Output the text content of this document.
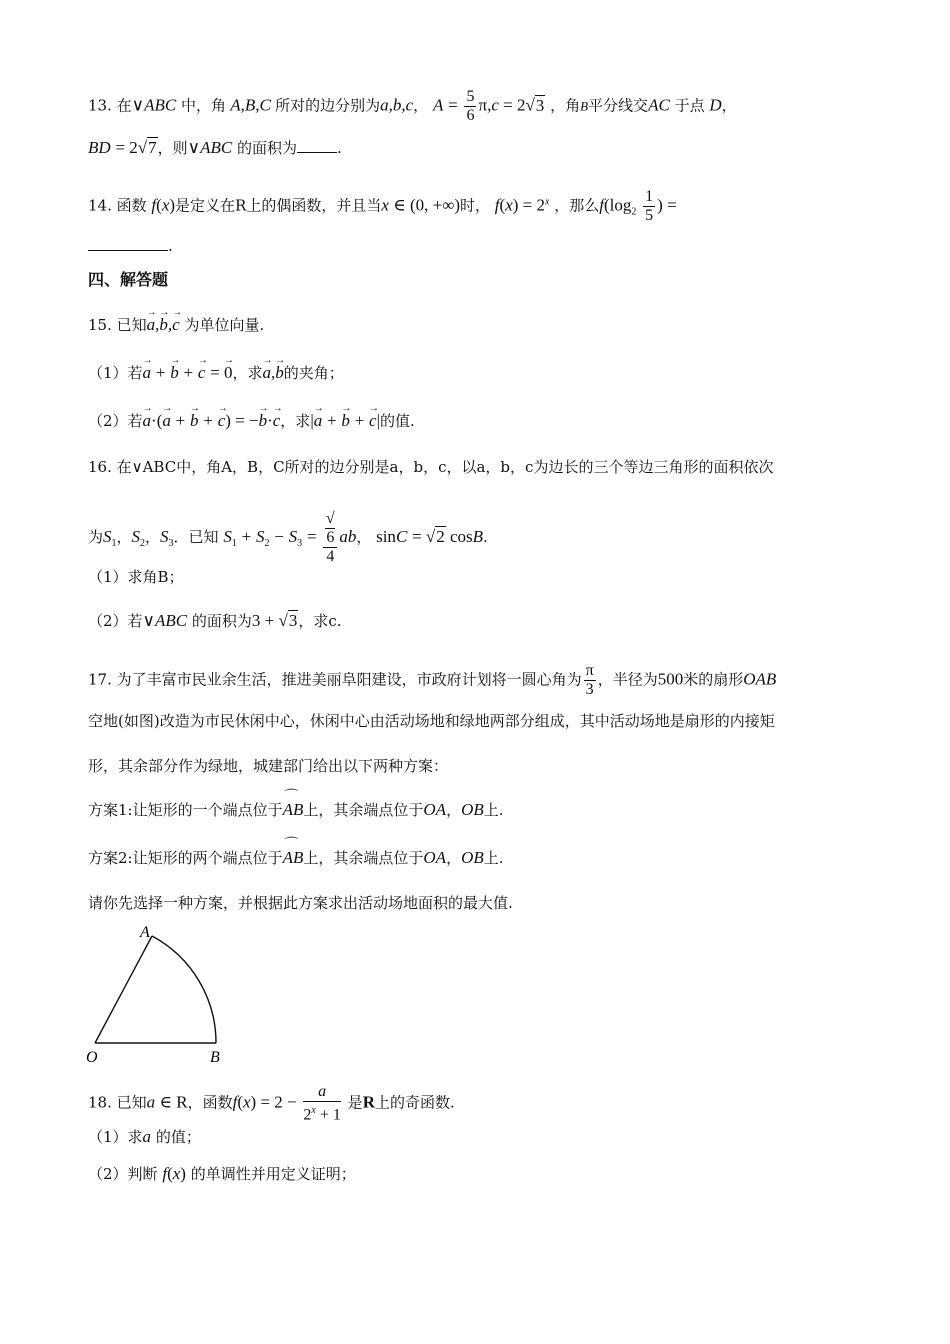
13. 在∨ABC 中，角 A,B,C 所对的边分别为a,b,c， $A = \frac{5}{6} \pi,c = 2√3$ ，角B平分线交AC 于点 D，
BD = 2√7，则∨ABC 的面积为	.
14. 函数 f(x)是定义在R上的偶函数，并且当x ∈ (0, +∞)时， $f(x) = 2^x$ ，那么$f(\log_2 \frac{1}{5}$ ) =
.
四、解答题
15. 已知→ a,→ b,→ c 为单位向量.
（1）若→ a + → b + → c = → 0，求→ a,→ b的夹角；
（2）若→ a·(→ a + → b + → c) = −→ b·→ c，求|→ a + → b + → c|的值.
16. 在∨ABC中，角A，B，C所对的边分别是a，b，c，以a，b，c为边长的三个等边三角形的面积依次
为$S_1$，$S_2$，$S_3$．已知 $S_1 + S_2 - S_3$ = √
6
4 ab， sinC = √2 cosB.
（1）求角B；
（2）若∨ABC 的面积为3 + √3，求c.
17. 为了丰富市民业余生活，推进美丽阜阳建设，市政府计划将一圆心角为 $\frac{\pi}{3}$ ，半径为500米的扇形OAB
空地(如图)改造为市民休闲中心，休闲中心由活动场地和绿地两部分组成，其中活动场地是扇形的内接矩
形，其余部分作为绿地，城建部门给出以下两种方案：
方案1:让矩形的一个端点位于⌒ AB上，其余端点位于OA，OB上.
方案2:让矩形的两个端点位于⌒ AB上，其余端点位于OA，OB上.
请你先选择一种方案，并根据此方案求出活动场地面积的最大值.
A
O	B
18. 已知a ∈ R，函数$f(x) = 2 - \frac{a}{2^x + 1}$ 是R上的奇函数.
（1）求a 的值；
（2）判断 f(x) 的单调性并用定义证明；
